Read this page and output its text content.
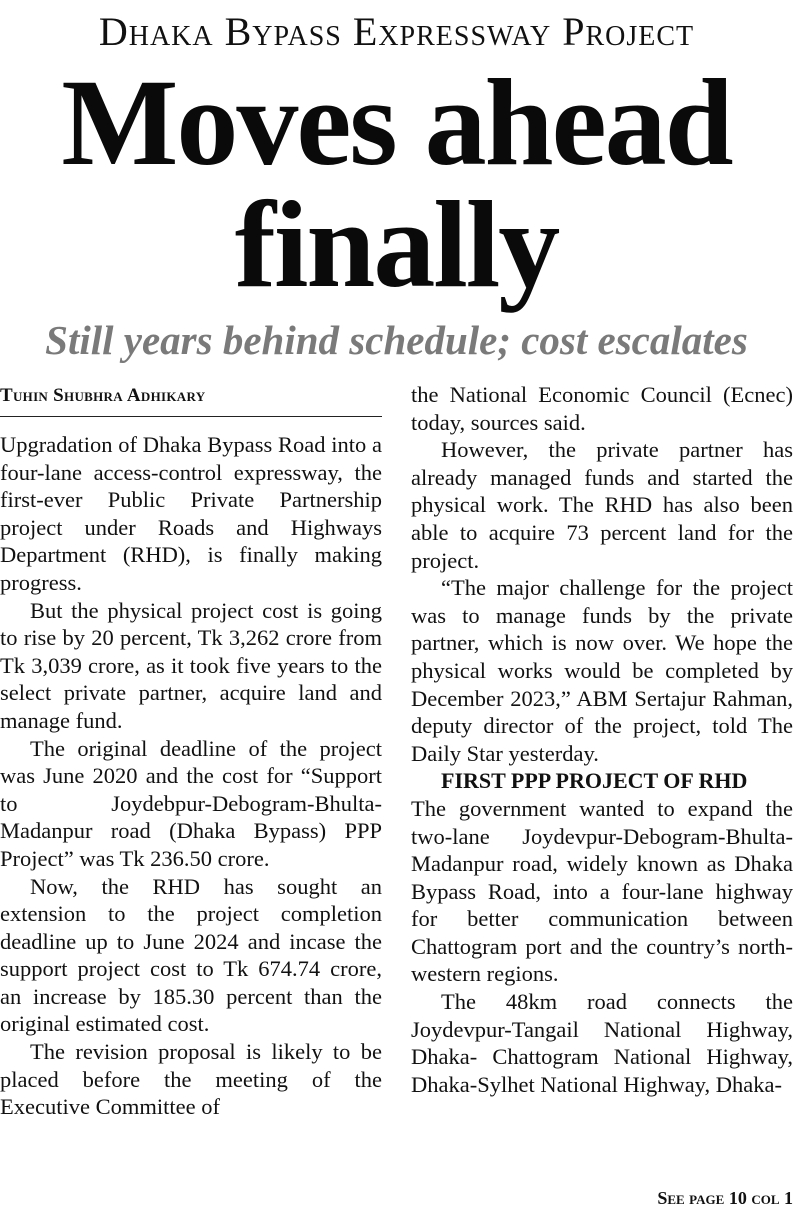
Dhaka Bypass Expressway Project
Moves ahead
finally
Still years behind schedule; cost escalates
Tuhin Shubhra Adhikary

Upgradation of Dhaka Bypass Road into a four-lane access-control expressway, the first-ever Public Private Partnership project under Roads and Highways Department (RHD), is finally making progress.

But the physical project cost is going to rise by 20 percent, Tk 3,262 crore from Tk 3,039 crore, as it took five years to the select private partner, acquire land and manage fund.

The original deadline of the project was June 2020 and the cost for “Support to Joydebpur-Debogram-Bhulta-Madanpur road (Dhaka Bypass) PPP Project” was Tk 236.50 crore.

Now, the RHD has sought an extension to the project completion deadline up to June 2024 and incase the support project cost to Tk 674.74 crore, an increase by 185.30 percent than the original estimated cost.

The revision proposal is likely to be placed before the meeting of the Executive Committee of

the National Economic Council (Ecnec) today, sources said.

However, the private partner has already managed funds and started the physical work. The RHD has also been able to acquire 73 percent land for the project.

“The major challenge for the project was to manage funds by the private partner, which is now over. We hope the physical works would be completed by December 2023,” ABM Sertajur Rahman, deputy director of the project, told The Daily Star yesterday.

FIRST PPP PROJECT OF RHD

The government wanted to expand the two-lane Joydevpur-Debogram-Bhulta-Madanpur road, widely known as Dhaka Bypass Road, into a four-lane highway for better communication between Chattogram port and the country’s north-western regions.

The 48km road connects the Joydevpur-Tangail National Highway, Dhaka- Chattogram National Highway, Dhaka-Sylhet National Highway, Dhaka-

See page 10 col 1
